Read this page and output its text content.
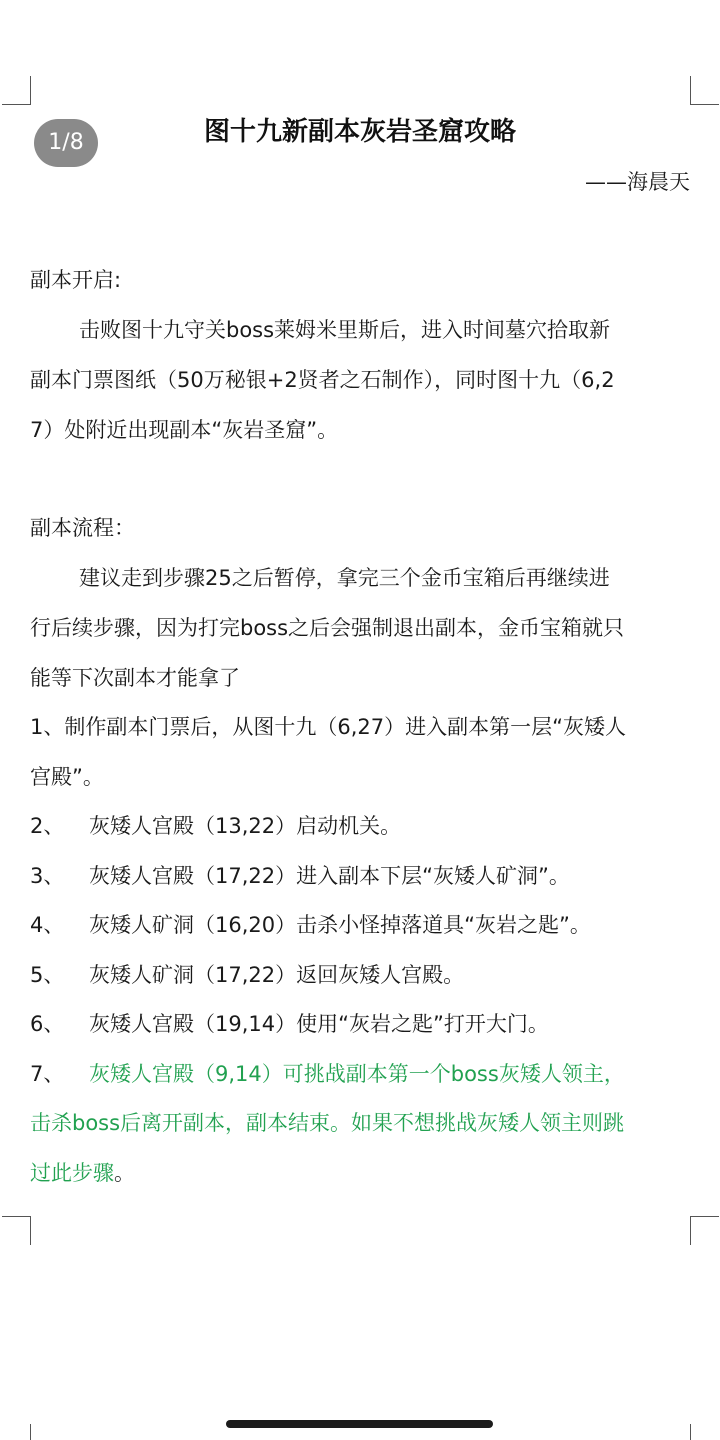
1/8	图十九新副本灰岩圣窟攻略
——海晨天
副本开启:
击败图十九守关boss莱姆米里斯后，进入时间墓穴拾取新
副本门票图纸（50万秘银+2贤者之石制作），同时图十九（6,2
7）处附近出现副本“灰岩圣窟”。
副本流程：
建议走到步骤25之后暂停，拿完三个金币宝箱后再继续进
行后续步骤，因为打完boss之后会强制退出副本，金币宝箱就只
能等下次副本才能拿了
1、制作副本门票后，从图十九（6,27）进入副本第一层“灰矮人
宫殿”。
2、 灰矮人宫殿（13,22）启动机关。
3、 灰矮人宫殿（17,22）进入副本下层“灰矮人矿洞”。
4、 灰矮人矿洞（16,20）击杀小怪掉落道具“灰岩之匙”。
5、 灰矮人矿洞（17,22）返回灰矮人宫殿。
6、 灰矮人宫殿（19,14）使用“灰岩之匙”打开大门。
7、 灰矮人宫殿（9,14）可挑战副本第一个boss灰矮人领主，
击杀boss后离开副本，副本结束。如果不想挑战灰矮人领主则跳
过此步骤。
